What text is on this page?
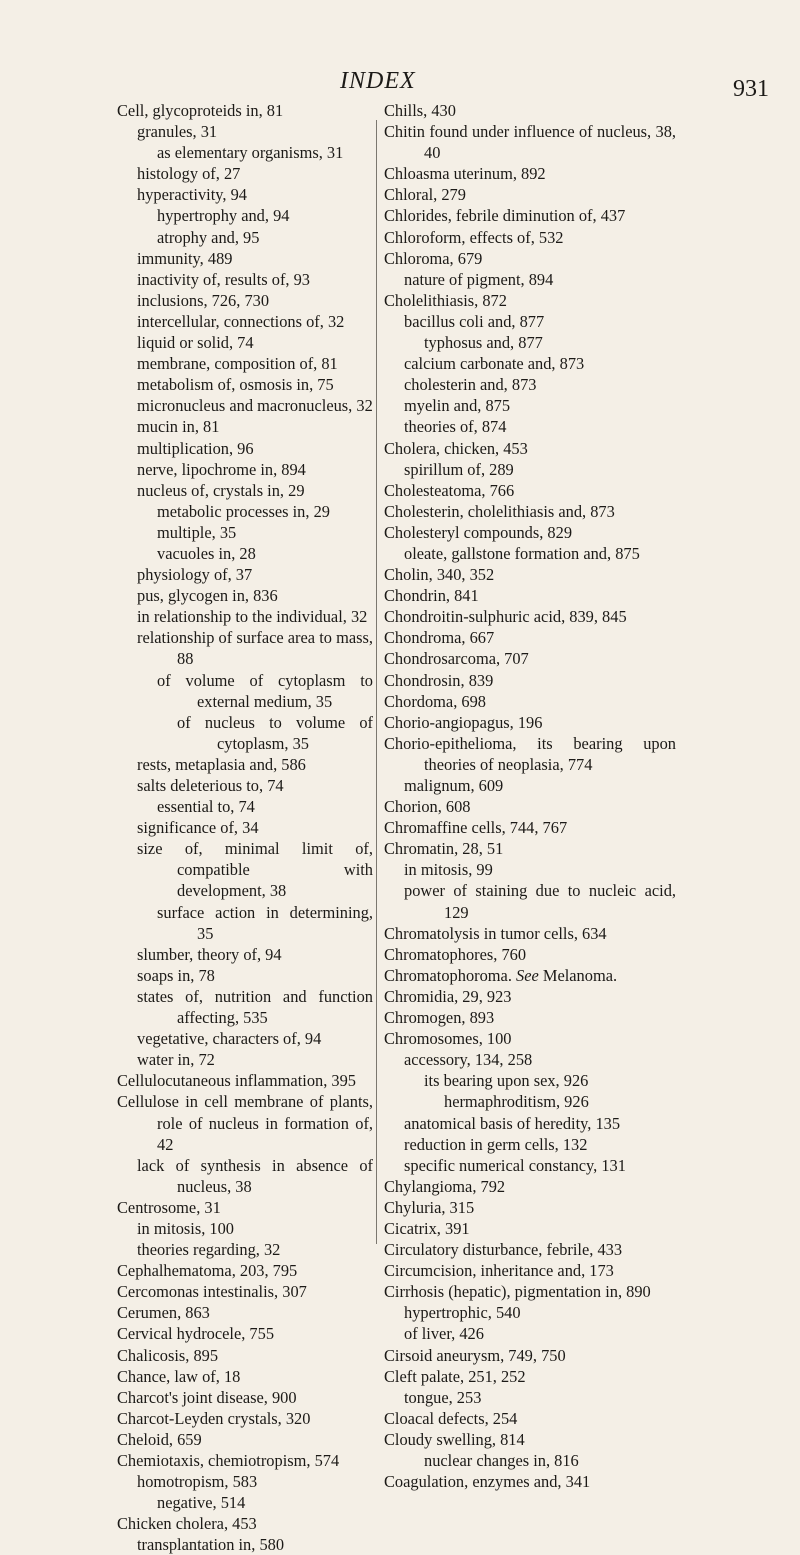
INDEX	931

Cell, glycoproteids in, 81

granules, 31

as elementary organisms, 31

histology of, 27

hyperactivity, 94

hypertrophy and, 94

atrophy and, 95

immunity, 489

inactivity of, results of, 93

inclusions, 726, 730

intercellular, connections of, 32

liquid or solid, 74

membrane, composition of, 81

metabolism of, osmosis in, 75

micronucleus and macronucleus, 32

mucin in, 81

multiplication, 96

nerve, lipochrome in, 894

nucleus of, crystals in, 29

metabolic processes in, 29

multiple, 35

vacuoles in, 28

physiology of, 37

pus, glycogen in, 836

in relationship to the individual, 32

relationship of surface area to mass, 88

of volume of cytoplasm to external medium, 35

of nucleus to volume of cytoplasm, 35

rests, metaplasia and, 586

salts deleterious to, 74

essential to, 74

significance of, 34

size of, minimal limit of, compatible with development, 38

surface action in determining, 35

slumber, theory of, 94

soaps in, 78

states of, nutrition and function affecting, 535

vegetative, characters of, 94

water in, 72

Cellulocutaneous inflammation, 395

Cellulose in cell membrane of plants, role of nucleus in formation of, 42

lack of synthesis in absence of nucleus, 38

Centrosome, 31

in mitosis, 100

theories regarding, 32

Cephalhematoma, 203, 795

Cercomonas intestinalis, 307

Cerumen, 863

Cervical hydrocele, 755

Chalicosis, 895

Chance, law of, 18

Charcot's joint disease, 900

Charcot-Leyden crystals, 320

Cheloid, 659

Chemiotaxis, chemiotropism, 574

homotropism, 583

negative, 514

Chicken cholera, 453

transplantation in, 580

Chills, 430

Chitin found under influence of nucleus, 38, 40

Chloasma uterinum, 892

Chloral, 279

Chlorides, febrile diminution of, 437

Chloroform, effects of, 532

Chloroma, 679

nature of pigment, 894

Cholelithiasis, 872

bacillus coli and, 877

typhosus and, 877

calcium carbonate and, 873

cholesterin and, 873

myelin and, 875

theories of, 874

Cholera, chicken, 453

spirillum of, 289

Cholesteatoma, 766

Cholesterin, cholelithiasis and, 873

Cholesteryl compounds, 829

oleate, gallstone formation and, 875

Cholin, 340, 352

Chondrin, 841

Chondroitin-sulphuric acid, 839, 845

Chondroma, 667

Chondrosarcoma, 707

Chondrosin, 839

Chordoma, 698

Chorio-angiopagus, 196

Chorio-epithelioma, its bearing upon theories of neoplasia, 774

malignum, 609

Chorion, 608

Chromaffine cells, 744, 767

Chromatin, 28, 51

in mitosis, 99

power of staining due to nucleic acid, 129

Chromatolysis in tumor cells, 634

Chromatophores, 760

Chromatophoroma. See Melanoma.

Chromidia, 29, 923

Chromogen, 893

Chromosomes, 100

accessory, 134, 258

its bearing upon sex, 926

hermaphroditism, 926

anatomical basis of heredity, 135

reduction in germ cells, 132

specific numerical constancy, 131

Chylangioma, 792

Chyluria, 315

Cicatrix, 391

Circulatory disturbance, febrile, 433

Circumcision, inheritance and, 173

Cirrhosis (hepatic), pigmentation in, 890

hypertrophic, 540

of liver, 426

Cirsoid aneurysm, 749, 750

Cleft palate, 251, 252

tongue, 253

Cloacal defects, 254

Cloudy swelling, 814

nuclear changes in, 816

Coagulation, enzymes and, 341
